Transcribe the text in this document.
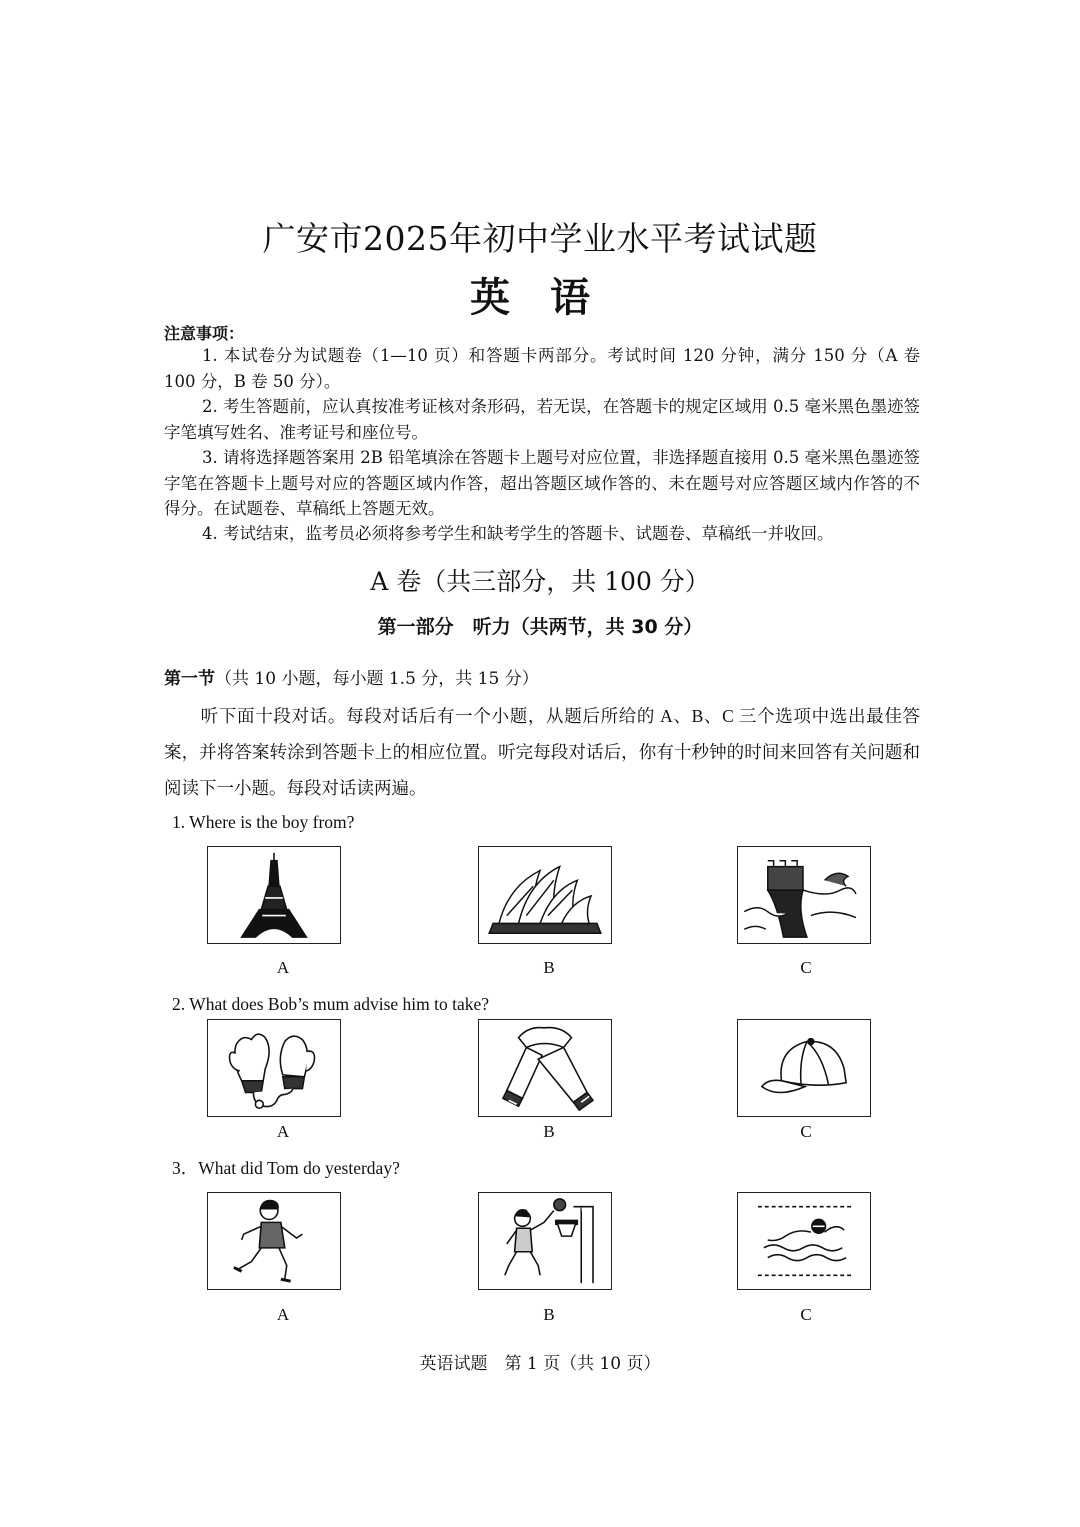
广安市2025年初中学业水平考试试题
英语
注意事项：
1. 本试卷分为试题卷（1—10 页）和答题卡两部分。考试时间 120 分钟，满分 150 分（A 卷 100 分，B 卷 50 分）。
2. 考生答题前，应认真按准考证核对条形码，若无误，在答题卡的规定区域用 0.5 毫米黑色墨迹签字笔填写姓名、准考证号和座位号。
3. 请将选择题答案用 2B 铅笔填涂在答题卡上题号对应位置，非选择题直接用 0.5 毫米黑色墨迹签字笔在答题卡上题号对应的答题区域内作答，超出答题区域作答的、未在题号对应答题区域内作答的不得分。在试题卷、草稿纸上答题无效。
4. 考试结束，监考员必须将参考学生和缺考学生的答题卡、试题卷、草稿纸一并收回。
A 卷（共三部分，共 100 分）
第一部分　听力（共两节，共 30 分）
第一节（共 10 小题，每小题 1.5 分，共 15 分）
听下面十段对话。每段对话后有一个小题，从题后所给的 A、B、C 三个选项中选出最佳答案，并将答案转涂到答题卡上的相应位置。听完每段对话后，你有十秒钟的时间来回答有关问题和阅读下一小题。每段对话读两遍。
1. Where is the boy from?
A	B	C
2. What does Bob’s mum advise him to take?
A	B	C
3．What did Tom do yesterday?
A	B	C
英语试题　第 1 页（共 10 页）
